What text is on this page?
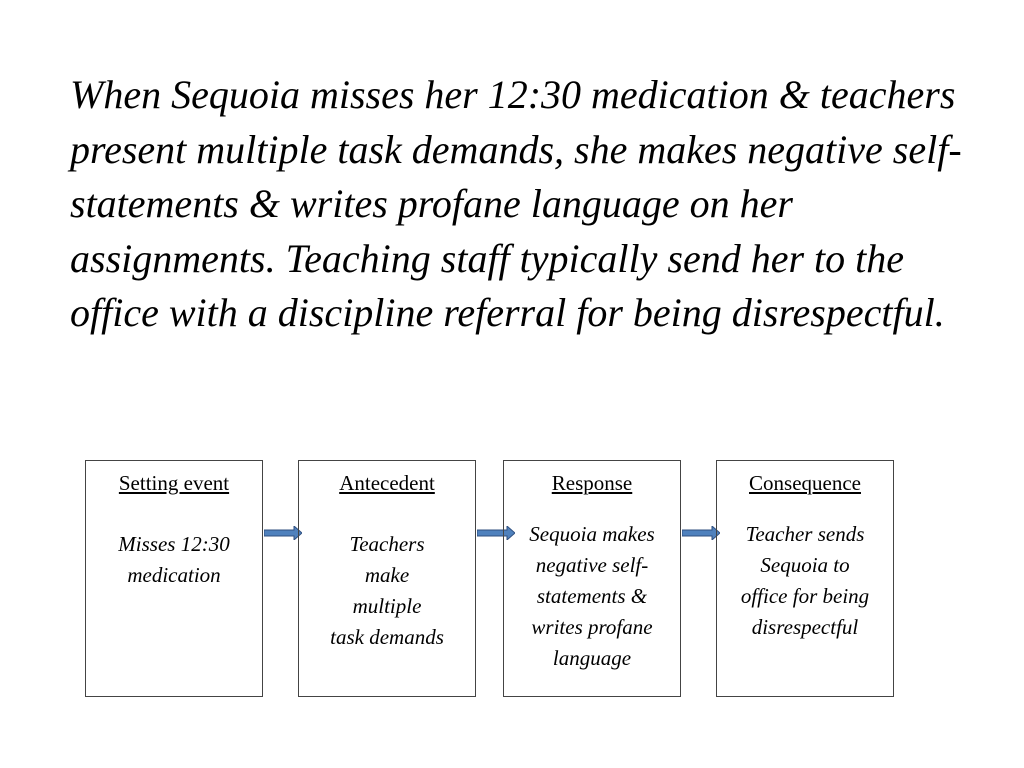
When Sequoia misses her 12:30 medication & teachers present multiple task demands, she makes negative self-statements & writes profane language on her assignments. Teaching staff typically send her to the office with a discipline referral for being disrespectful.

Setting event
Misses 12:30
medication
Antecedent
Teachers
make
multiple
task demands
Response
Sequoia makes
negative self-
statements &
writes profane
language
Consequence
Teacher sends
Sequoia to
office for being
disrespectful
